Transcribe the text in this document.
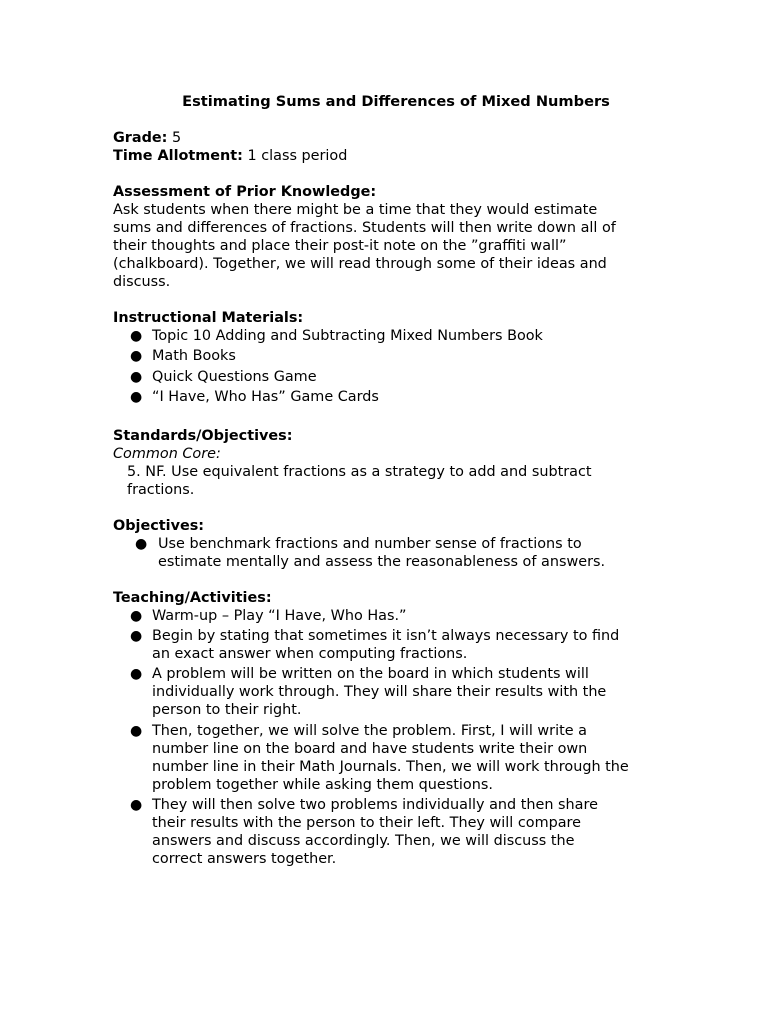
Estimating Sums and Differences of Mixed Numbers
Grade: 5
Time Allotment: 1 class period
Assessment of Prior Knowledge:
Ask students when there might be a time that they would estimate
sums and differences of fractions. Students will then write down all of
their thoughts and place their post-it note on the ”graffiti wall”
(chalkboard). Together, we will read through some of their ideas and
discuss.
Instructional Materials:
● Topic 10 Adding and Subtracting Mixed Numbers Book
● Math Books
● Quick Questions Game
● “I Have, Who Has” Game Cards
Standards/Objectives:
Common Core:
5. NF. Use equivalent fractions as a strategy to add and subtract
fractions.
Objectives:
● Use benchmark fractions and number sense of fractions to
estimate mentally and assess the reasonableness of answers.
Teaching/Activities:
● Warm-up – Play “I Have, Who Has.”
● Begin by stating that sometimes it isn’t always necessary to find
an exact answer when computing fractions.
● A problem will be written on the board in which students will
individually work through. They will share their results with the
person to their right.
● Then, together, we will solve the problem. First, I will write a
number line on the board and have students write their own
number line in their Math Journals. Then, we will work through the
problem together while asking them questions.
● They will then solve two problems individually and then share
their results with the person to their left. They will compare
answers and discuss accordingly. Then, we will discuss the
correct answers together.
